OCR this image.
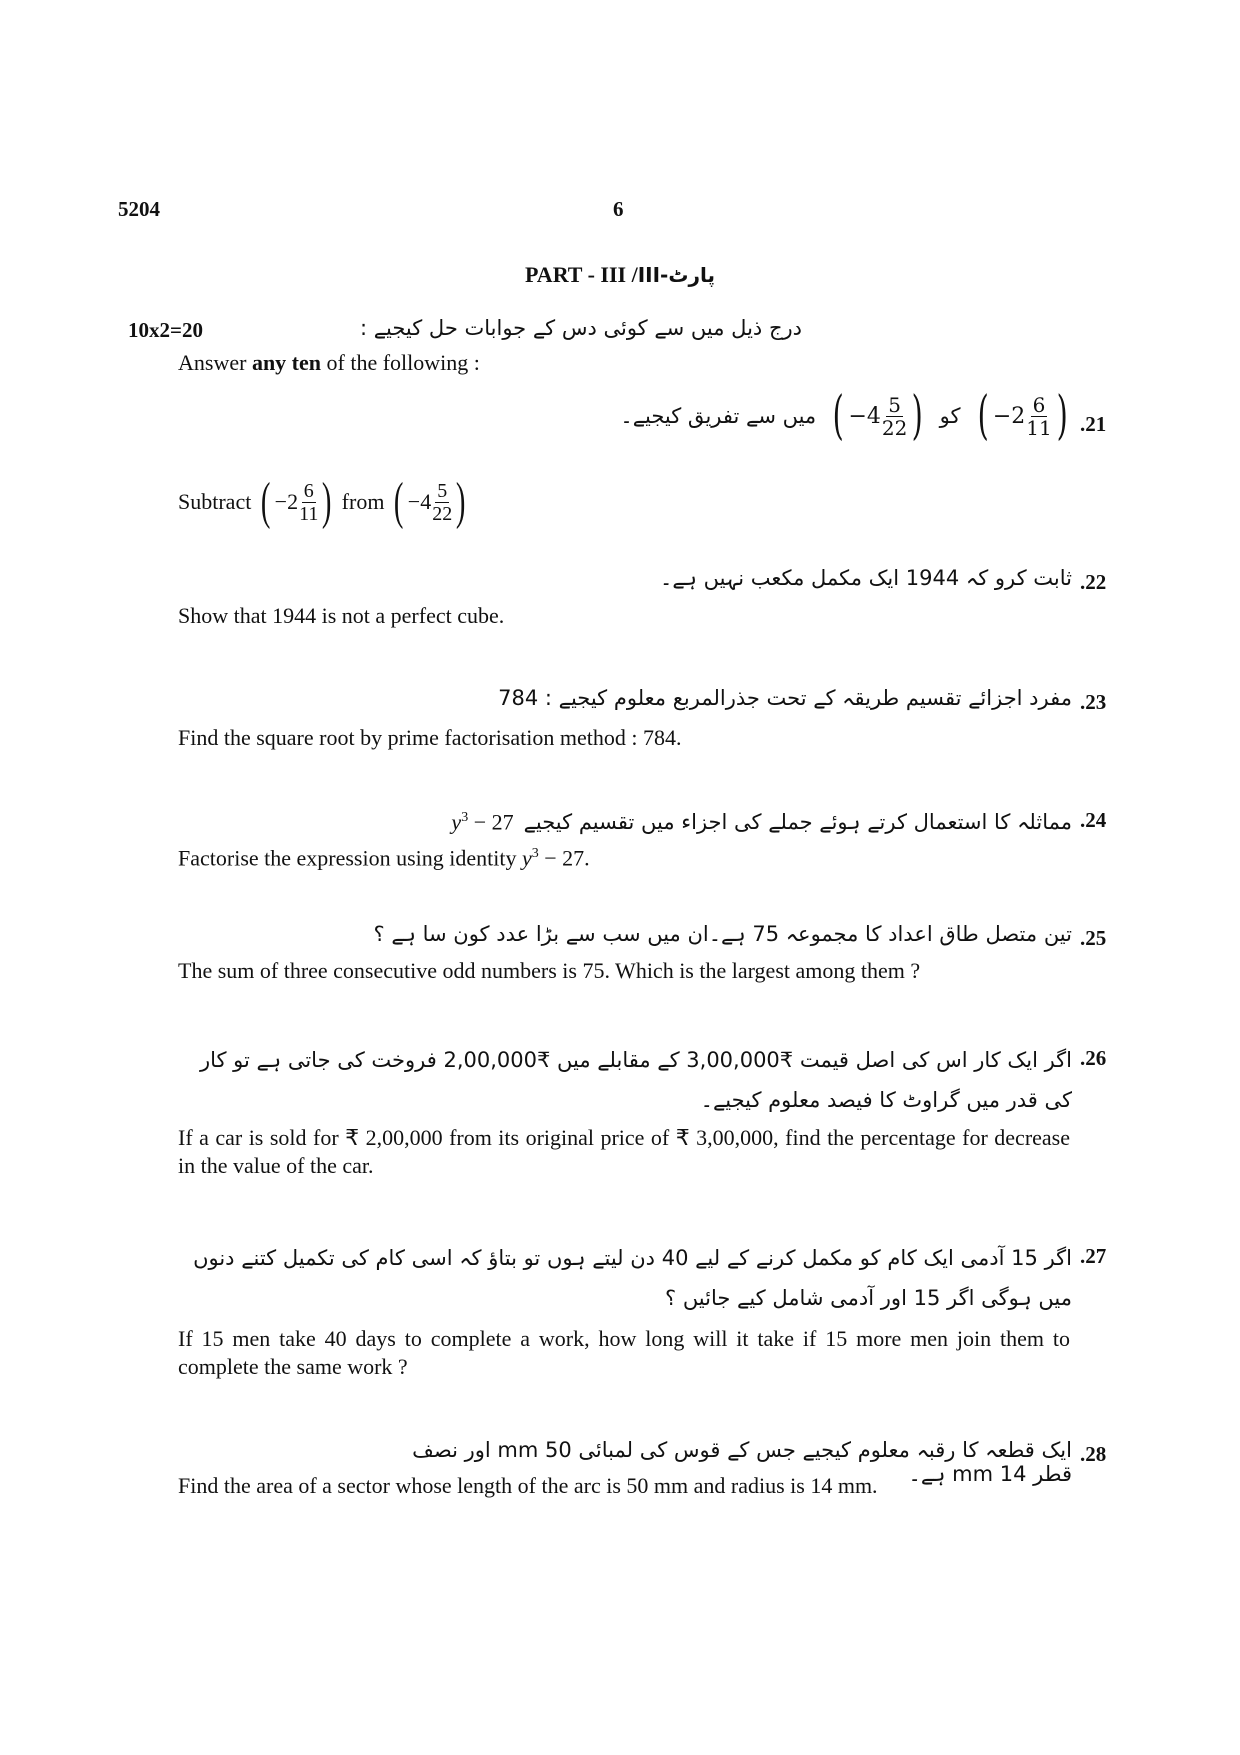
5204	6
PART - III /III-پارٹ
10x2=20	درج ذیل میں سے کوئی دس کے جوابات حل کیجیے :
Answer any ten of the following :
.21
( − $2 \frac{6}{11}$ )
کو
( − $4 \frac{5}{22}$ )
میں سے تفریق کیجیے۔
Subtract ( − $2 \frac{6}{11}$ ) from ( − $4 \frac{5}{22}$ )
.22
ثابت کرو کہ 1944 ایک مکمل مکعب نہیں ہے۔
Show that 1944 is not a perfect cube.
.23
مفرد اجزائے تقسیم طریقہ کے تحت جذرالمربع معلوم کیجیے : 784
Find the square root by prime factorisation method : 784.
.24
مماثلہ کا استعمال کرتے ہوئے جملے کی اجزاء میں تقسیم کیجیے
$y^3 - 27$
Factorise the expression using identity $y^3 - 27$.
.25
تین متصل طاق اعداد کا مجموعہ 75 ہے۔ان میں سب سے بڑا عدد کون سا ہے ؟
The sum of three consecutive odd numbers is 75. Which is the largest among them ?
.26
اگر ایک کار اس کی اصل قیمت ₹3,00,000 کے مقابلے میں ₹2,00,000 فروخت کی جاتی ہے تو کار کی قدر میں گراوٹ کا فیصد معلوم کیجیے۔
If a car is sold for ₹ 2,00,000 from its original price of ₹ 3,00,000, find the percentage for decrease in the value of the car.
.27
اگر 15 آدمی ایک کام کو مکمل کرنے کے لیے 40 دن لیتے ہوں تو بتاؤ کہ اسی کام کی تکمیل کتنے دنوں میں ہوگی اگر 15 اور آدمی شامل کیے جائیں ؟
If 15 men take 40 days to complete a work, how long will it take if 15 more men join them to complete the same work ?
.28
ایک قطعہ کا رقبہ معلوم کیجیے جس کے قوس کی لمبائی 50 mm اور نصف قطر 14 mm ہے۔
Find the area of a sector whose length of the arc is 50 mm and radius is 14 mm.
